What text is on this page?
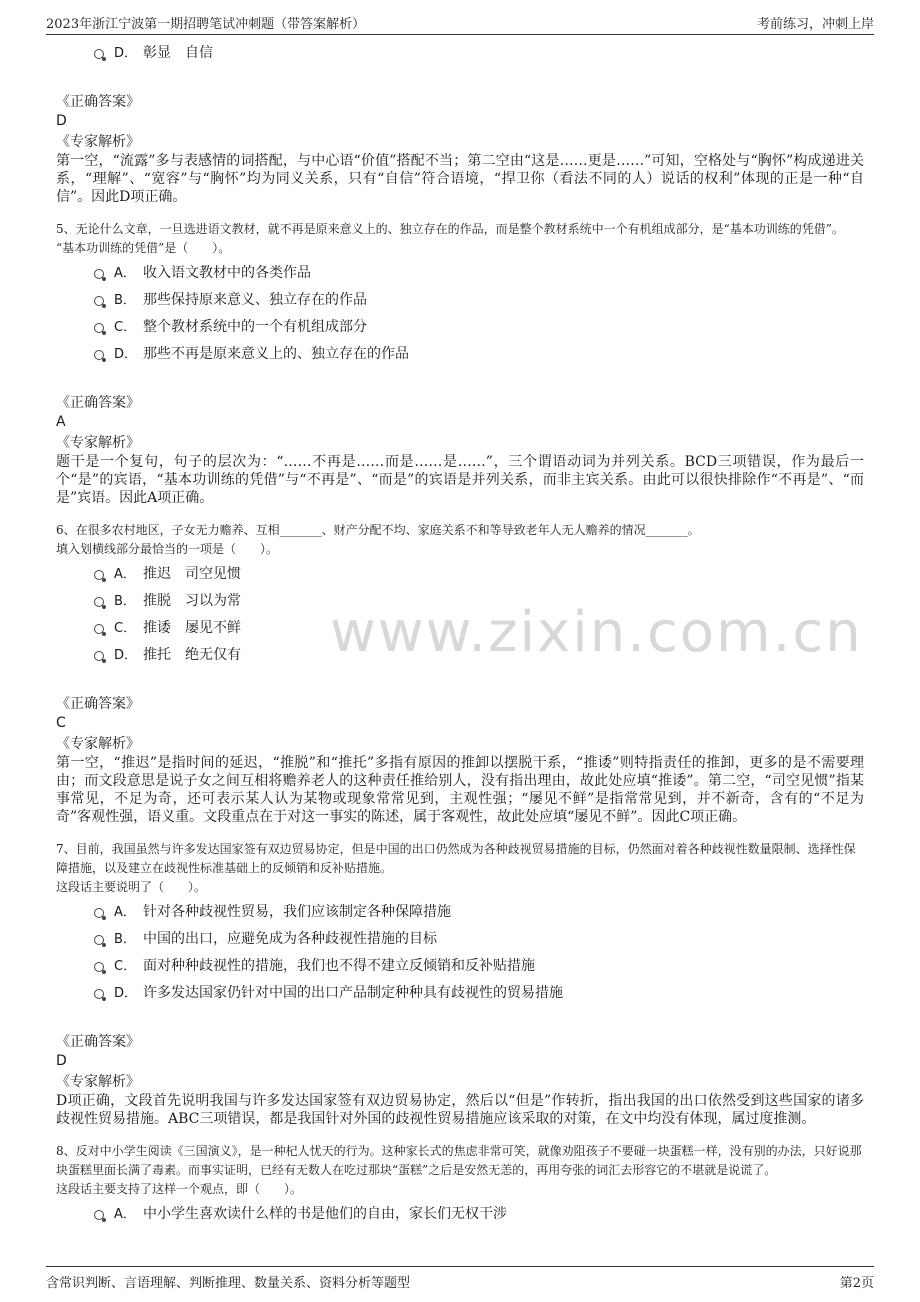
2023年浙江宁波第一期招聘笔试冲刺题（带答案解析）	考前练习，冲刺上岸
www.zixin.com.cn
D． 彰显　自信
《正确答案》
D
《专家解析》
第一空，“流露”多与表感情的词搭配，与中心语“价值”搭配不当；第二空由“这是……更是……”可知，空格处与“胸怀”构成递进关系，“理解”、“宽容”与“胸怀”均为同义关系，只有“自信”符合语境，“捍卫你（看法不同的人）说话的权利”体现的正是一种“自信”。因此D项正确。
5、无论什么文章，一旦选进语文教材，就不再是原来意义上的、独立存在的作品，而是整个教材系统中一个有机组成部分，是“基本功训练的凭借”。
“基本功训练的凭借”是（　　）。
A． 收入语文教材中的各类作品
B． 那些保持原来意义、独立存在的作品
C． 整个教材系统中的一个有机组成部分
D． 那些不再是原来意义上的、独立存在的作品
《正确答案》
A
《专家解析》
题干是一个复句，句子的层次为：“……不再是……而是……是……”，三个谓语动词为并列关系。BCD三项错误，作为最后一个“是”的宾语，“基本功训练的凭借”与“不再是”、“而是”的宾语是并列关系，而非主宾关系。由此可以很快排除作“不再是”、“而是”宾语。因此A项正确。
6、在很多农村地区，子女无力赡养、互相_______、财产分配不均、家庭关系不和等导致老年人无人赡养的情况_______。
填入划横线部分最恰当的一项是（　　）。
A． 推迟　司空见惯
B． 推脱　习以为常
C． 推诿　屡见不鲜
D． 推托　绝无仅有
《正确答案》
C
《专家解析》
第一空，“推迟”是指时间的延迟，“推脱”和“推托”多指有原因的推卸以摆脱干系，“推诿”则特指责任的推卸，更多的是不需要理由；而文段意思是说子女之间互相将赡养老人的这种责任推给别人，没有指出理由，故此处应填“推诿”。第二空，“司空见惯”指某事常见，不足为奇，还可表示某人认为某物或现象常常见到，主观性强；“屡见不鲜”是指常常见到，并不新奇，含有的“不足为奇”客观性强，语义重。文段重点在于对这一事实的陈述，属于客观性，故此处应填“屡见不鲜”。因此C项正确。
7、目前，我国虽然与许多发达国家签有双边贸易协定，但是中国的出口仍然成为各种歧视贸易措施的目标，仍然面对着各种歧视性数量限制、选择性保障措施，以及建立在歧视性标准基础上的反倾销和反补贴措施。
这段话主要说明了（　　）。
A． 针对各种歧视性贸易，我们应该制定各种保障措施
B． 中国的出口，应避免成为各种歧视性措施的目标
C． 面对种种歧视性的措施，我们也不得不建立反倾销和反补贴措施
D． 许多发达国家仍针对中国的出口产品制定种种具有歧视性的贸易措施
《正确答案》
D
《专家解析》
D项正确，文段首先说明我国与许多发达国家签有双边贸易协定，然后以“但是”作转折，指出我国的出口依然受到这些国家的诸多歧视性贸易措施。ABC三项错误，都是我国针对外国的歧视性贸易措施应该采取的对策，在文中均没有体现，属过度推测。
8、反对中小学生阅读《三国演义》，是一种杞人忧天的行为。这种家长式的焦虑非常可笑，就像劝阻孩子不要碰一块蛋糕一样，没有别的办法，只好说那块蛋糕里面长满了毒素。而事实证明，已经有无数人在吃过那块“蛋糕”之后是安然无恙的，再用夸张的词汇去形容它的不堪就是说谎了。
这段话主要支持了这样一个观点，即（　　）。
A． 中小学生喜欢读什么样的书是他们的自由，家长们无权干涉
含常识判断、言语理解、判断推理、数量关系、资料分析等题型	第2页
